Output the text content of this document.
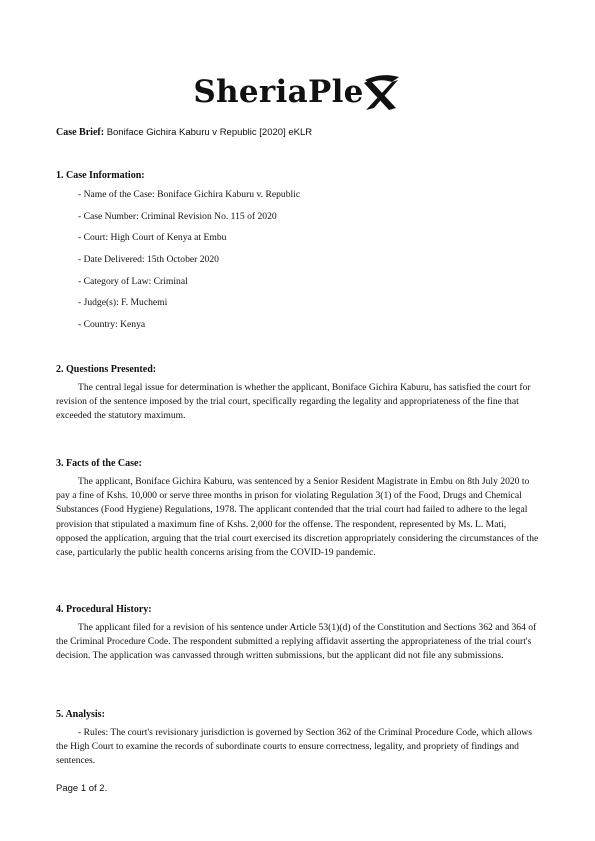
SheriaPle
Case Brief: Boniface Gichira Kaburu v Republic [2020] eKLR

1. Case Information:

- Name of the Case: Boniface Gichira Kaburu v. Republic
- Case Number: Criminal Revision No. 115 of 2020
- Court: High Court of Kenya at Embu
- Date Delivered: 15th October 2020
- Category of Law: Criminal
- Judge(s): F. Muchemi
- Country: Kenya

2. Questions Presented:

The central legal issue for determination is whether the applicant, Boniface Gichira Kaburu, has satisfied the court for revision of the sentence imposed by the trial court, specifically regarding the legality and appropriateness of the fine that exceeded the statutory maximum.

3. Facts of the Case:

The applicant, Boniface Gichira Kaburu, was sentenced by a Senior Resident Magistrate in Embu on 8th July 2020 to pay a fine of Kshs. 10,000 or serve three months in prison for violating Regulation 3(1) of the Food, Drugs and Chemical Substances (Food Hygiene) Regulations, 1978. The applicant contended that the trial court had failed to adhere to the legal provision that stipulated a maximum fine of Kshs. 2,000 for the offense. The respondent, represented by Ms. L. Mati, opposed the application, arguing that the trial court exercised its discretion appropriately considering the circumstances of the case, particularly the public health concerns arising from the COVID-19 pandemic.

4. Procedural History:

The applicant filed for a revision of his sentence under Article 53(1)(d) of the Constitution and Sections 362 and 364 of the Criminal Procedure Code. The respondent submitted a replying affidavit asserting the appropriateness of the trial court's decision. The application was canvassed through written submissions, but the applicant did not file any submissions.

5. Analysis:

- Rules: The court's revisionary jurisdiction is governed by Section 362 of the Criminal Procedure Code, which allows the High Court to examine the records of subordinate courts to ensure correctness, legality, and propriety of findings and sentences.

Page 1 of 2.
